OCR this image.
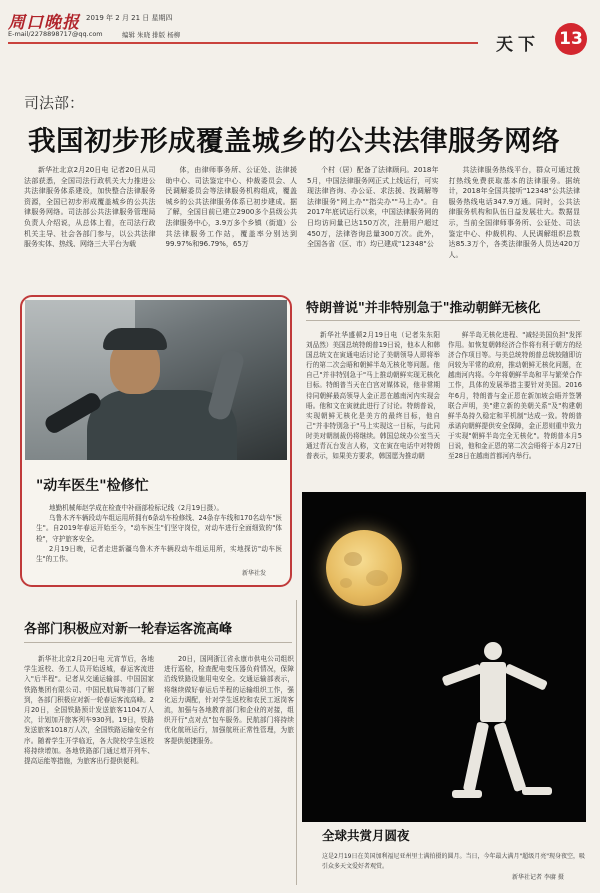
周口晚报 2019 年 2 月 21 日 星期四
E-mail/2278898717@qq.com	编辑 朱晓 排版 杨柳	天下 13
司法部：
我国初步形成覆盖城乡的公共法律服务网络
新华社北京2月20日电 记者20日从司法部获悉，全国司法行政机关大力推进公共法律服务体系建设，加快整合法律服务资源，全国已初步形成覆盖城乡的公共法律服务网络。司法部公共法律服务管理局负责人介绍说，从总体上看，在司法行政机关主导、社会各部门参与，以公共法律服务实体、热线、网络三大平台为载
体，由律师事务所、公证处、法律援助中心、司法鉴定中心、仲裁委员会、人民调解委员会等法律服务机构组成，覆盖城乡的公共法律服务体系已初步建成。据了解，全国目前已建立2900多个县级公共法律服务中心，3.9万多个乡镇（街道）公共法律服务工作站，覆盖率分别达到99.97%和96.79%，65万
个村（居）配备了法律顾问。2018年5月，中国法律服务网正式上线运行，可实现法律咨询、办公证、求法援、找调解等法律服务"网上办""指尖办""马上办"。自2017年底试运行以来，中国法律服务网的日均访问量已达150万次，注册用户超过450万，法律咨询总量300万次。此外，全国各省（区、市）均已建成"12348"公
共法律服务热线平台，群众可通过拨打热线免费获取基本的法律服务。据统计，2018年全国共接听"12348"公共法律服务热线电话347.9万通。同时，公共法律服务机构和队伍日益发展壮大。数据显示，当前全国律师事务所、公证处、司法鉴定中心、仲裁机构、人民调解组织总数达85.3万个，各类法律服务人员达420万人。
"动车医生"检修忙

地勤机械师赵学成在检查中补画部检标记线（2月19日摄）。

乌鲁木齐车辆段动车组运用所拥有6条动车检修线、24条存车线和170名动车"医生"。自2019年春运开始至今，"动车医生"们坚守岗位，对动车进行全面细致的"体检"，守护旅客安全。

2月19日晚，记者走进新疆乌鲁木齐车辆段动车组运用所，实地探访"动车医生"的工作。

新华社发
特朗普说"并非特别急于"推动朝鲜无核化
新华社华盛顿2月19日电（记者朱东阳 刘品然）美国总统特朗普19日说，他本人和韩国总统文在寅通电话讨论了美朝领导人即将举行的第二次会晤和朝鲜半岛无核化等问题。他自己"并非特别急于"马上推动朝鲜实现无核化目标。特朗普当天在白宫对媒体说，他非常期待同朝鲜最高领导人金正恩在越南河内实现会晤。他和文在寅就此进行了讨论。特朗普说，实现朝鲜无核化是美方的最终目标，他自己"并非特别急于"马上实现这一目标，与此同时美对朝制裁仍将继续。韩国总统办公室当天通过青瓦台发言人称，文在寅在电话中对特朗普表示，如果美方要求，韩国愿为推动朝
鲜半岛无核化进程、"减轻美国负担"发挥作用。如恢复朝韩经济合作将有利于朝方的经济合作项目等。与美总统特朗普总统较随即访问较为平常的政府，推动朝鲜无核化问题，在越南河内将。今年将朝鲜半岛和平与繁荣合作工作，具体的发展举措主要针对美国。2016年6月，特朗普与金正恩在新加坡会晤并签署联合声明，美"建立新的美朝关系"及"构建朝鲜半岛持久稳定和平机制"达成一致。特朗普承诺向朝鲜提供安全保障，金正恩则重申致力于实现"朝鲜半岛完全无核化"。特朗普本月5日说，他和金正恩的第二次会晤将于本月27日至28日在越南首都河内举行。
全球共赏月圆夜
这是2月19日在美国加利福尼亚州里士满拍摄的圆月。当日，今年最大满月"超级月亮"现身夜空，吸引众多天文爱好者观赏。
新华社记者 李赓 摄
各部门积极应对新一轮春运客流高峰
新华社北京2月20日电 元宵节后，各地学生返校、务工人员开始返城，春运客流进入"后半程"。记者从交通运输部、中国国家铁路集团有限公司、中国民航局等部门了解到，各部门积极应对新一轮春运客流高峰。2月20日，全国铁路预计发送旅客1104万人次，计划加开旅客列车930列。19日，铁路发送旅客1018万人次，全国铁路运输安全有序。随着学生开学临近，各大院校学生返校将持续增加。各地铁路部门通过增开列车、提高运能等措施，为旅客出行提供便利。
20日，国网浙江省永康市供电公司组织进行巡检，检查配电变压器负荷情况，保障沿线铁路设施用电安全。交通运输部表示，将继续做好春运后半程的运输组织工作，强化运力调配，针对学生返校和农民工返岗客流，加强与各地教育部门和企业的对接，组织开行"点对点"包车服务。民航部门将持续优化航班运行，加强航班正常性管理，为旅客提供便捷服务。
